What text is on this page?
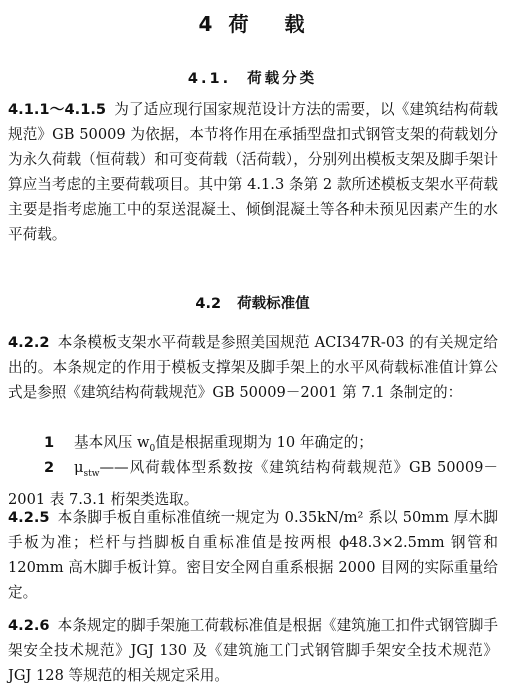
4 荷 载
4.1. 荷载分类
4.1.1～4.1.5 为了适应现行国家规范设计方法的需要，以《建筑结构荷载规范》GB 50009 为依据，本节将作用在承插型盘扣式钢管支架的荷载划分为永久荷载（恒荷载）和可变荷载（活荷载），分别列出模板支架及脚手架计算应当考虑的主要荷载项目。其中第 4.1.3 条第 2 款所述模板支架水平荷载主要是指考虑施工中的泵送混凝土、倾倒混凝土等各种未预见因素产生的水平荷载。
4.2 荷载标准值
4.2.2 本条模板支架水平荷载是参照美国规范 ACI347R-03 的有关规定给出的。本条规定的作用于模板支撑架及脚手架上的水平风荷载标准值计算公式是参照《建筑结构荷载规范》GB 50009－2001 第 7.1 条制定的：
1 基本风压 $w_0$值是根据重现期为 10 年确定的；
2 $\mu_{stw}——$风荷载体型系数按《建筑结构荷载规范》GB 50009－2001 表 7.3.1 桁架类选取。
4.2.5 本条脚手板自重标准值统一规定为 0.35kN/m² 系以 50mm 厚木脚手板为准；栏杆与挡脚板自重标准值是按两根 ϕ48.3×2.5mm 钢管和 120mm 高木脚手板计算。密目安全网自重系根据 2000 目网的实际重量给定。
4.2.6 本条规定的脚手架施工荷载标准值是根据《建筑施工扣件式钢管脚手架安全技术规范》JGJ 130 及《建筑施工门式钢管脚手架安全技术规范》JGJ 128 等规范的相关规定采用。
